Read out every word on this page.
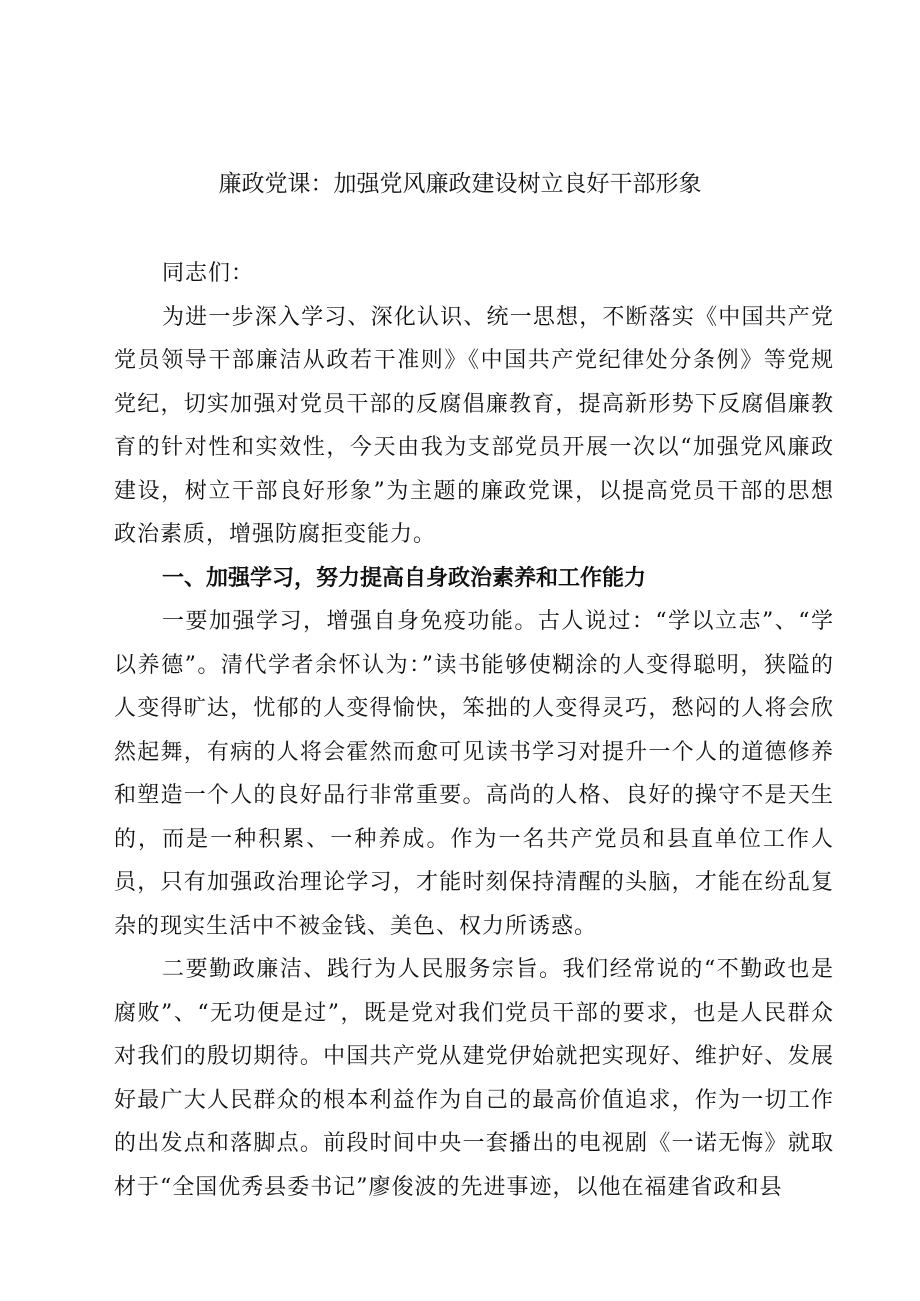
廉政党课：加强党风廉政建设树立良好干部形象

同志们：

为进一步深入学习、深化认识、统一思想，不断落实《中国共产党党员领导干部廉洁从政若干准则》《中国共产党纪律处分条例》等党规党纪，切实加强对党员干部的反腐倡廉教育，提高新形势下反腐倡廉教育的针对性和实效性，今天由我为支部党员开展一次以“加强党风廉政建设，树立干部良好形象”为主题的廉政党课，以提高党员干部的思想政治素质，增强防腐拒变能力。

一、加强学习，努力提高自身政治素养和工作能力

一要加强学习，增强自身免疫功能。古人说过：“学以立志”、“学以养德”。清代学者余怀认为：”读书能够使糊涂的人变得聪明，狭隘的人变得旷达，忧郁的人变得愉快，笨拙的人变得灵巧，愁闷的人将会欣然起舞，有病的人将会霍然而愈可见读书学习对提升一个人的道德修养和塑造一个人的良好品行非常重要。高尚的人格、良好的操守不是天生的，而是一种积累、一种养成。作为一名共产党员和县直单位工作人员，只有加强政治理论学习，才能时刻保持清醒的头脑，才能在纷乱复杂的现实生活中不被金钱、美色、权力所诱惑。

二要勤政廉洁、践行为人民服务宗旨。我们经常说的“不勤政也是腐败”、“无功便是过”，既是党对我们党员干部的要求，也是人民群众对我们的殷切期待。中国共产党从建党伊始就把实现好、维护好、发展好最广大人民群众的根本利益作为自己的最高价值追求，作为一切工作的出发点和落脚点。前段时间中央一套播出的电视剧《一诺无悔》就取材于“全国优秀县委书记”廖俊波的先进事迹，以他在福建省政和县
